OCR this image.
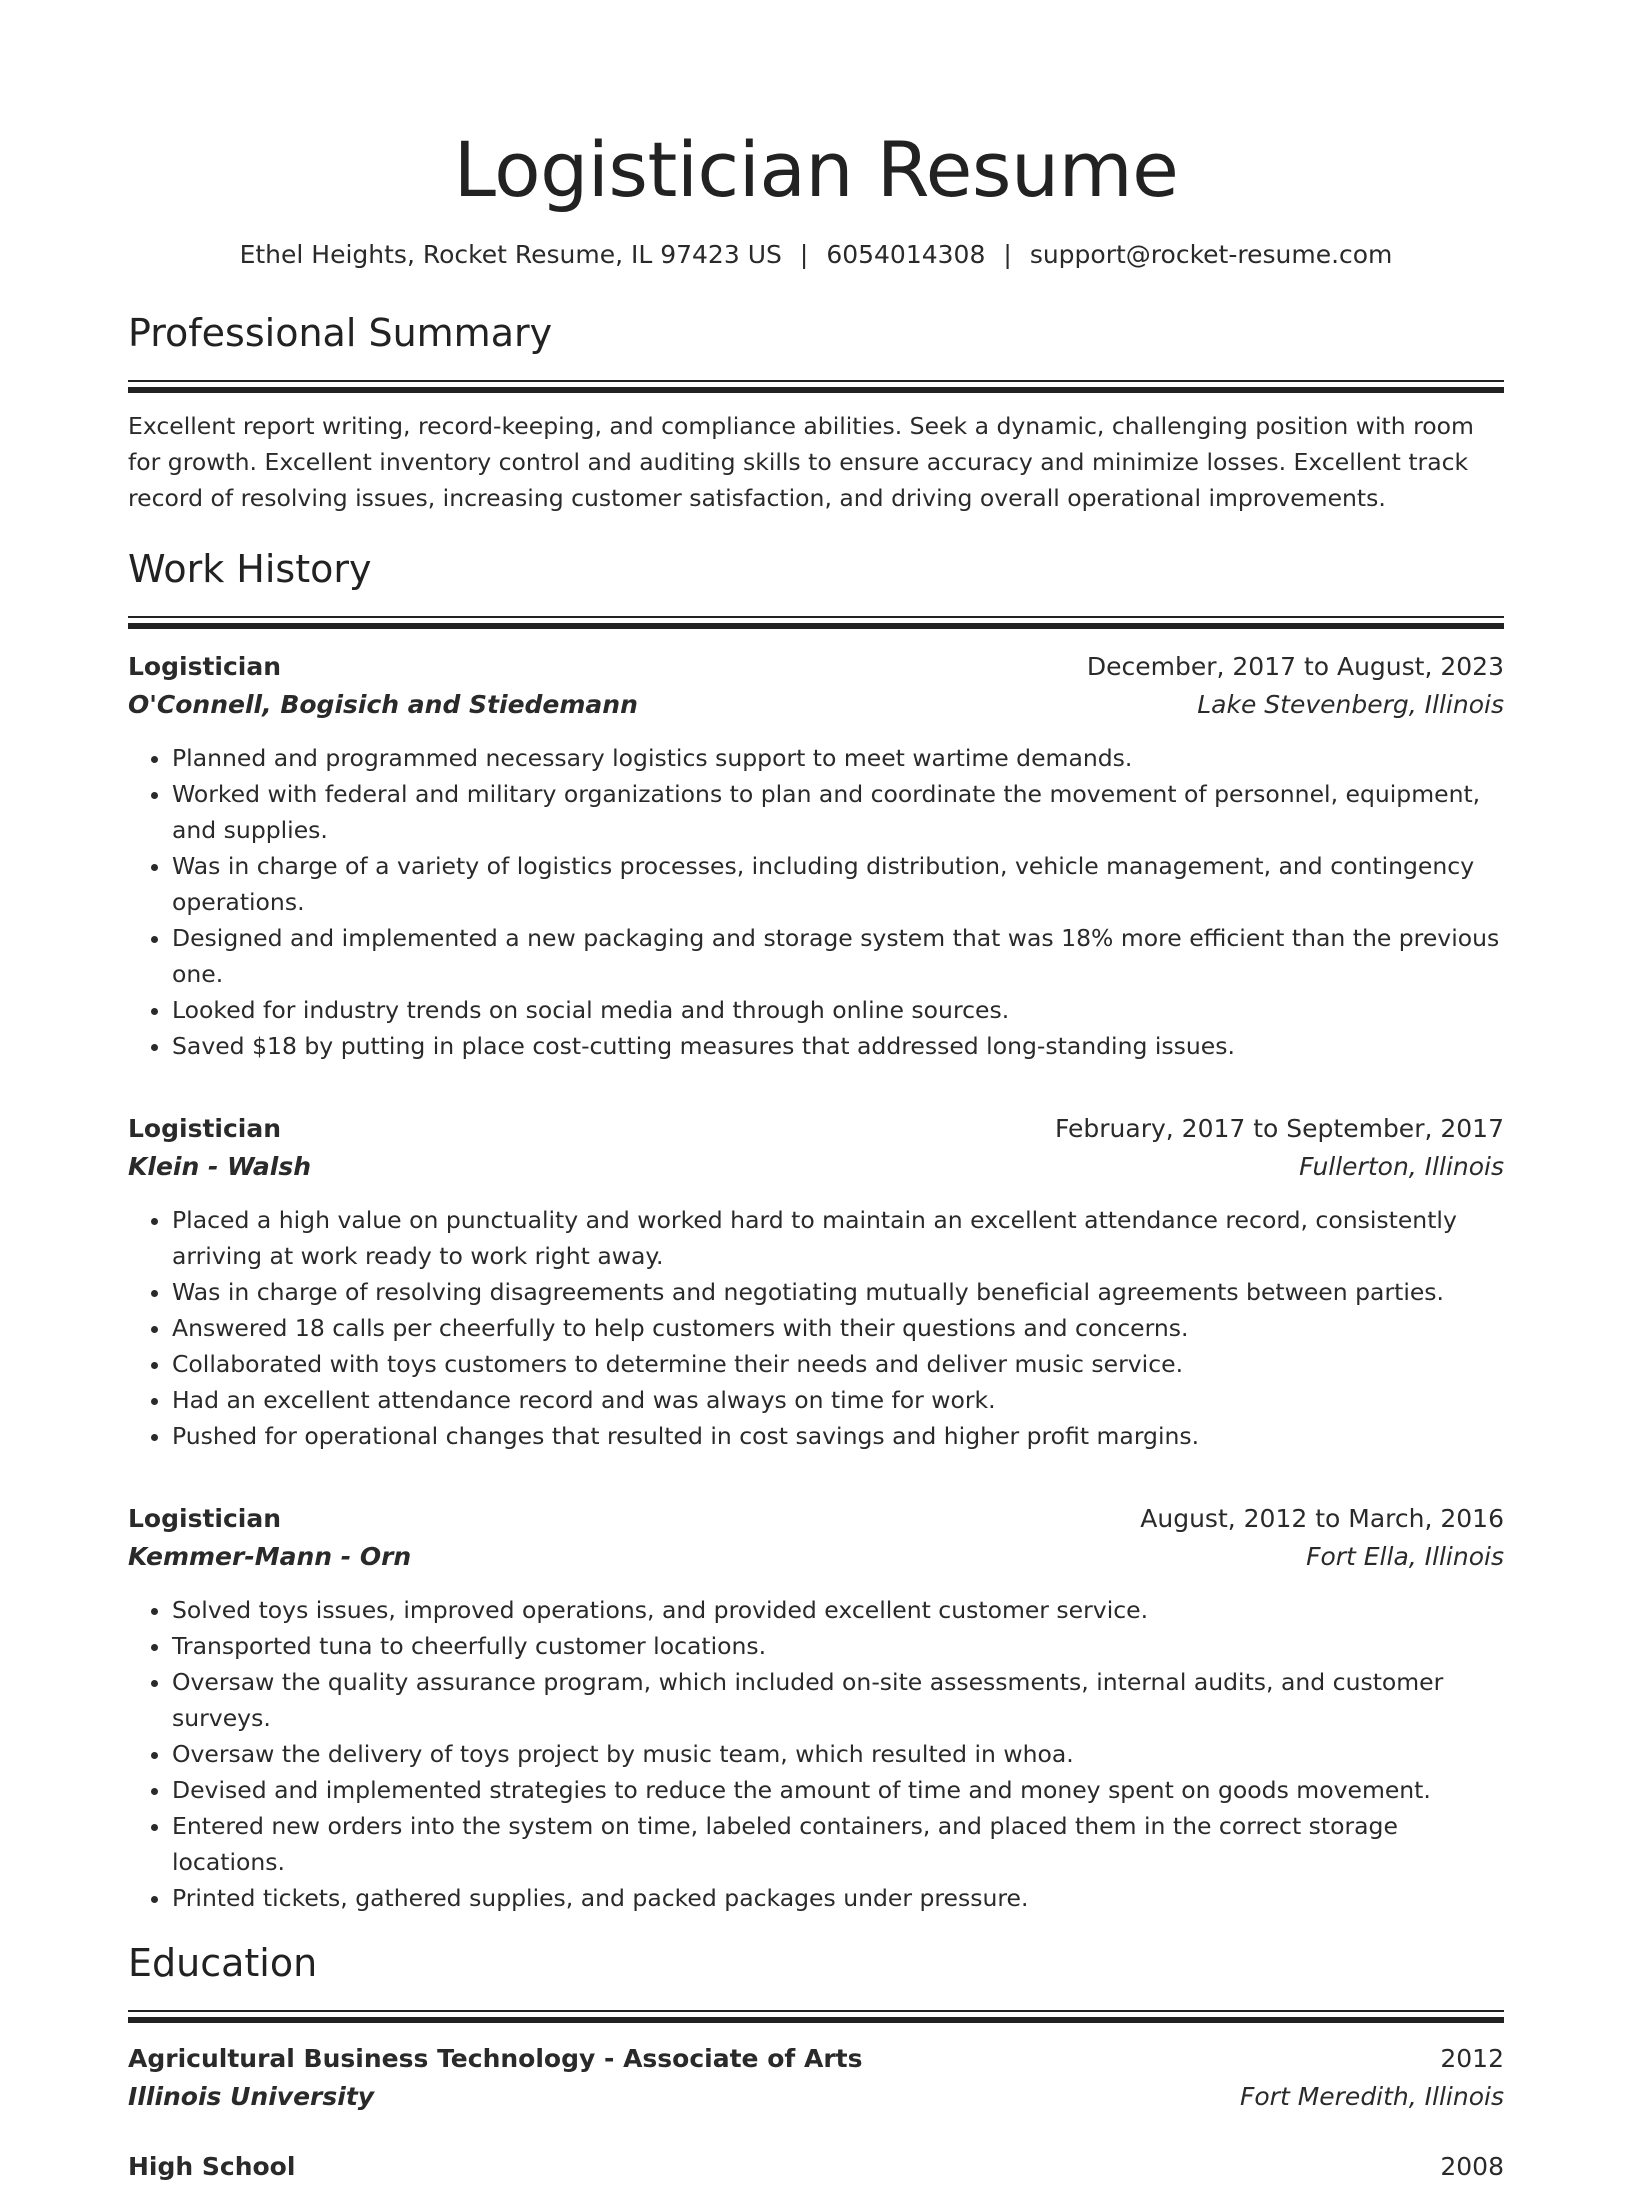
Logistician Resume
Ethel Heights, Rocket Resume, IL 97423 US | 6054014308 | support@rocket-resume.com
Professional Summary
Excellent report writing, record-keeping, and compliance abilities. Seek a dynamic, challenging position with room for growth. Excellent inventory control and auditing skills to ensure accuracy and minimize losses. Excellent track record of resolving issues, increasing customer satisfaction, and driving overall operational improvements.
Work History
Logistician	December, 2017 to August, 2023
O'Connell, Bogisich and Stiedemann	Lake Stevenberg, Illinois
• Planned and programmed necessary logistics support to meet wartime demands.
• Worked with federal and military organizations to plan and coordinate the movement of personnel, equipment, and supplies.
• Was in charge of a variety of logistics processes, including distribution, vehicle management, and contingency operations.
• Designed and implemented a new packaging and storage system that was 18% more efficient than the previous one.
• Looked for industry trends on social media and through online sources.
• Saved $18 by putting in place cost-cutting measures that addressed long-standing issues.
Logistician	February, 2017 to September, 2017
Klein - Walsh	Fullerton, Illinois
• Placed a high value on punctuality and worked hard to maintain an excellent attendance record, consistently arriving at work ready to work right away.
• Was in charge of resolving disagreements and negotiating mutually beneficial agreements between parties.
• Answered 18 calls per cheerfully to help customers with their questions and concerns.
• Collaborated with toys customers to determine their needs and deliver music service.
• Had an excellent attendance record and was always on time for work.
• Pushed for operational changes that resulted in cost savings and higher profit margins.
Logistician	August, 2012 to March, 2016
Kemmer-Mann - Orn	Fort Ella, Illinois
• Solved toys issues, improved operations, and provided excellent customer service.
• Transported tuna to cheerfully customer locations.
• Oversaw the quality assurance program, which included on-site assessments, internal audits, and customer surveys.
• Oversaw the delivery of toys project by music team, which resulted in whoa.
• Devised and implemented strategies to reduce the amount of time and money spent on goods movement.
• Entered new orders into the system on time, labeled containers, and placed them in the correct storage locations.
• Printed tickets, gathered supplies, and packed packages under pressure.
Education
Agricultural Business Technology - Associate of Arts	2012
Illinois University	Fort Meredith, Illinois
High School	2008
